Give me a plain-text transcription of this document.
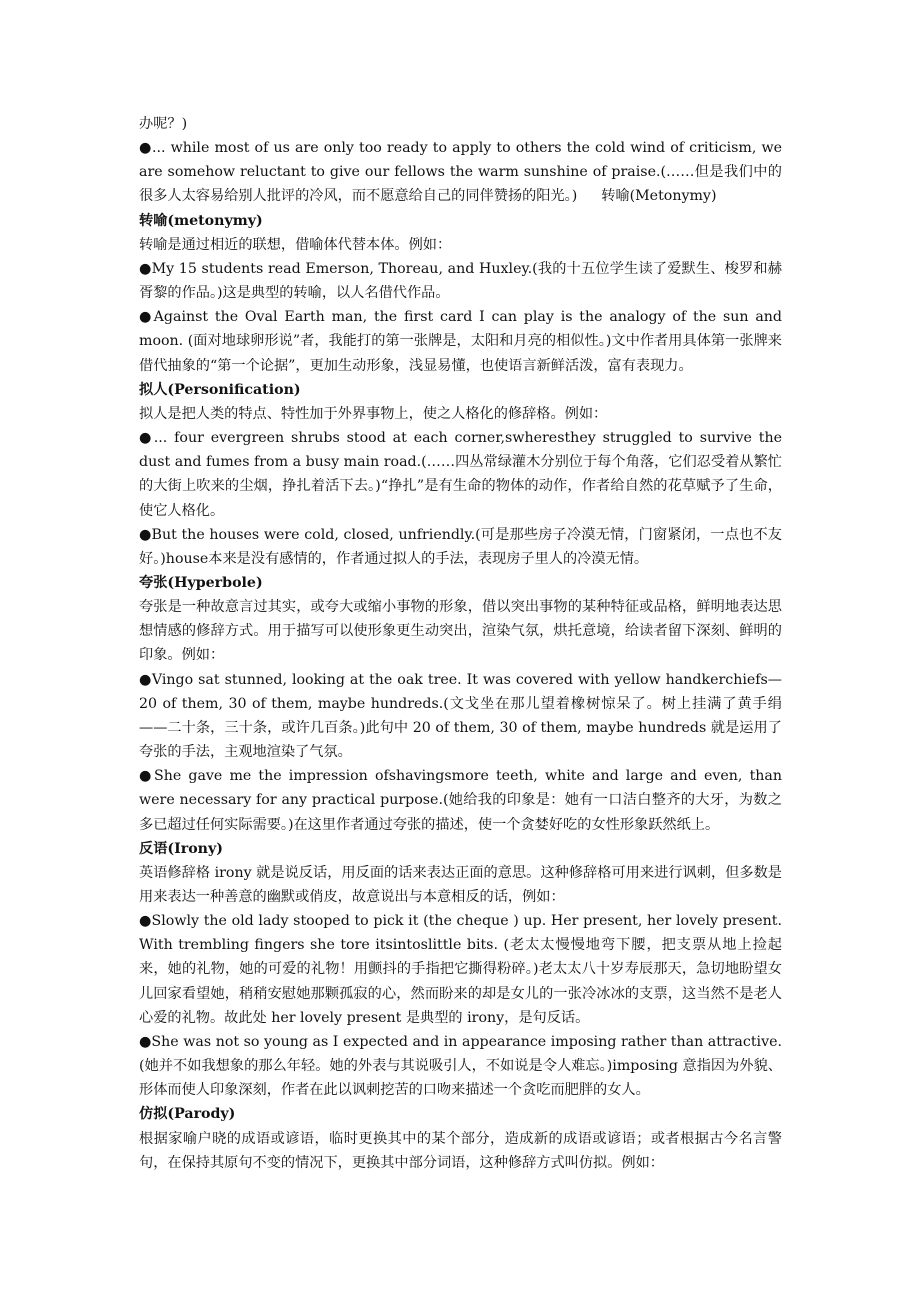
办呢？)

●... while most of us are only too ready to apply to others the cold wind of criticism, we are somehow reluctant to give our fellows the warm sunshine of praise.(……但是我们中的很多人太容易给别人批评的冷风，而不愿意给自己的同伴赞扬的阳光。) 转喻(Metonymy)

转喻(metonymy)

转喻是通过相近的联想，借喻体代替本体。例如：

●My 15 students read Emerson, Thoreau, and Huxley.(我的十五位学生读了爱默生、梭罗和赫胥黎的作品。)这是典型的转喻，以人名借代作品。

●Against the Oval Earth man, the first card I can play is the analogy of the sun and moon. (面对地球卵形说”者，我能打的第一张牌是，太阳和月亮的相似性。)文中作者用具体第一张牌来借代抽象的“第一个论据”，更加生动形象，浅显易懂，也使语言新鲜活泼，富有表现力。

拟人(Personification)

拟人是把人类的特点、特性加于外界事物上，使之人格化的修辞格。例如：

●... four evergreen shrubs stood at each corner,swheresthey struggled to survive the dust and fumes from a busy main road.(……四丛常绿灌木分别位于每个角落，它们忍受着从繁忙的大街上吹来的尘烟，挣扎着活下去。)“挣扎”是有生命的物体的动作，作者给自然的花草赋予了生命，使它人格化。

●But the houses were cold, closed, unfriendly.(可是那些房子冷漠无情，门窗紧闭，一点也不友好。)house本来是没有感情的，作者通过拟人的手法，表现房子里人的冷漠无情。

夸张(Hyperbole)

夸张是一种故意言过其实，或夸大或缩小事物的形象，借以突出事物的某种特征或品格，鲜明地表达思想情感的修辞方式。用于描写可以使形象更生动突出，渲染气氛，烘托意境，给读者留下深刻、鲜明的印象。例如：

●Vingo sat stunned, looking at the oak tree. It was covered with yellow handkerchiefs—20 of them, 30 of them, maybe hundreds.(文戈坐在那儿望着橡树惊呆了。树上挂满了黄手绢——二十条，三十条，或许几百条。)此句中 20 of them, 30 of them, maybe hundreds 就是运用了夸张的手法，主观地渲染了气氛。

●She gave me the impression ofshavingsmore teeth, white and large and even, than were necessary for any practical purpose.(她给我的印象是：她有一口洁白整齐的大牙，为数之多已超过任何实际需要。)在这里作者通过夸张的描述，使一个贪婪好吃的女性形象跃然纸上。

反语(Irony)

英语修辞格 irony 就是说反话，用反面的话来表达正面的意思。这种修辞格可用来进行讽刺，但多数是用来表达一种善意的幽默或俏皮，故意说出与本意相反的话，例如：

●Slowly the old lady stooped to pick it (the cheque ) up. Her present, her lovely present. With trembling fingers she tore itsintoslittle bits. (老太太慢慢地弯下腰，把支票从地上捡起来，她的礼物，她的可爱的礼物！用颤抖的手指把它撕得粉碎。)老太太八十岁寿辰那天，急切地盼望女儿回家看望她，稍稍安慰她那颗孤寂的心，然而盼来的却是女儿的一张冷冰冰的支票，这当然不是老人心爱的礼物。故此处 her lovely present 是典型的 irony，是句反话。

●She was not so young as I expected and in appearance imposing rather than attractive.(她并不如我想象的那么年轻。她的外表与其说吸引人，不如说是令人难忘。)imposing 意指因为外貌、形体而使人印象深刻，作者在此以讽刺挖苦的口吻来描述一个贪吃而肥胖的女人。

仿拟(Parody)

根据家喻户晓的成语或谚语，临时更换其中的某个部分，造成新的成语或谚语；或者根据古今名言警句，在保持其原句不变的情况下，更换其中部分词语，这种修辞方式叫仿拟。例如：
